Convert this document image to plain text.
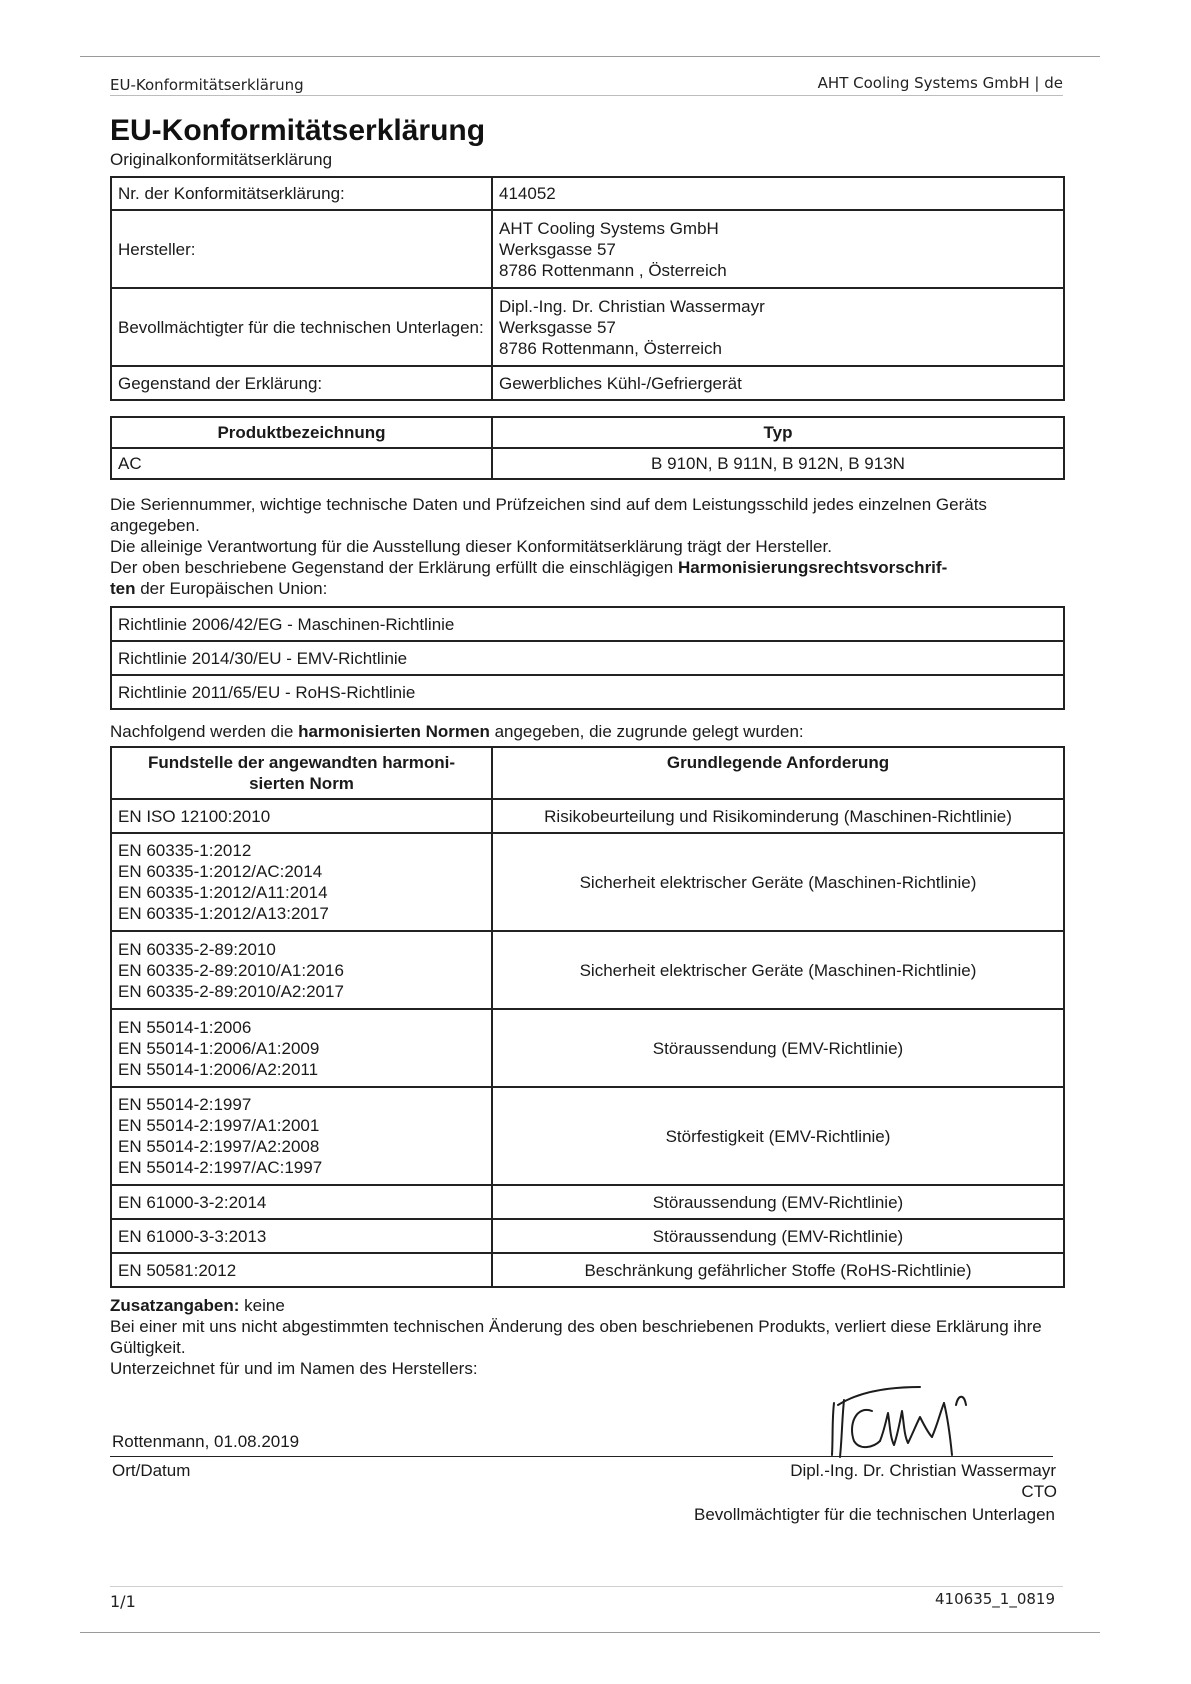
EU-Konformitätserklärung	AHT Cooling Systems GmbH | de
EU-Konformitätserklärung
Originalkonformitätserklärung
Nr. der Konformitätserklärung:	414052
Hersteller:	AHT Cooling Systems GmbH
Werksgasse 57
8786 Rottenmann , Österreich

Bevollmächtigter für die technischen Unterlagen:	Dipl.-Ing. Dr. Christian Wassermayr
Werksgasse 57
8786 Rottenmann, Österreich

Gegenstand der Erklärung:	Gewerbliches Kühl-/Gefriergerät
Produktbezeichnung	Typ
AC	B 910N, B 911N, B 912N, B 913N
Die Seriennummer, wichtige technische Daten und Prüfzeichen sind auf dem Leistungsschild jedes einzelnen Geräts angegeben.
Die alleinige Verantwortung für die Ausstellung dieser Konformitätserklärung trägt der Hersteller.
Der oben beschriebene Gegenstand der Erklärung erfüllt die einschlägigen Harmonisierungsrechtsvorschrif-
ten der Europäischen Union:
Richtlinie 2006/42/EG - Maschinen-Richtlinie
Richtlinie 2014/30/EU - EMV-Richtlinie
Richtlinie 2011/65/EU - RoHS-Richtlinie
Nachfolgend werden die harmonisierten Normen angegeben, die zugrunde gelegt wurden:
Fundstelle der angewandten harmoni- sierten Norm	Grundlegende Anforderung

EN ISO 12100:2010	Risikobeurteilung und Risikominderung (Maschinen-Richtlinie)

EN 60335-1:2012
EN 60335-1:2012/AC:2014
EN 60335-1:2012/A11:2014
EN 60335-1:2012/A13:2017	Sicherheit elektrischer Geräte (Maschinen-Richtlinie)

EN 60335-2-89:2010
EN 60335-2-89:2010/A1:2016
EN 60335-2-89:2010/A2:2017	Sicherheit elektrischer Geräte (Maschinen-Richtlinie)

EN 55014-1:2006
EN 55014-1:2006/A1:2009
EN 55014-1:2006/A2:2011	Störaussendung (EMV-Richtlinie)

EN 55014-2:1997
EN 55014-2:1997/A1:2001
EN 55014-2:1997/A2:2008
EN 55014-2:1997/AC:1997	Störfestigkeit (EMV-Richtlinie)
EN 61000-3-2:2014	Störaussendung (EMV-Richtlinie)
EN 61000-3-3:2013	Störaussendung (EMV-Richtlinie)
EN 50581:2012	Beschränkung gefährlicher Stoffe (RoHS-Richtlinie)
Zusatzangaben: keine
Bei einer mit uns nicht abgestimmten technischen Änderung des oben beschriebenen Produkts, verliert diese Erklärung ihre Gültigkeit.
Unterzeichnet für und im Namen des Herstellers:
Rottenmann, 01.08.2019
Ort/Datum	Dipl.-Ing. Dr. Christian Wassermayr
CTO
Bevollmächtigter für die technischen Unterlagen
1/1	410635_1_0819
